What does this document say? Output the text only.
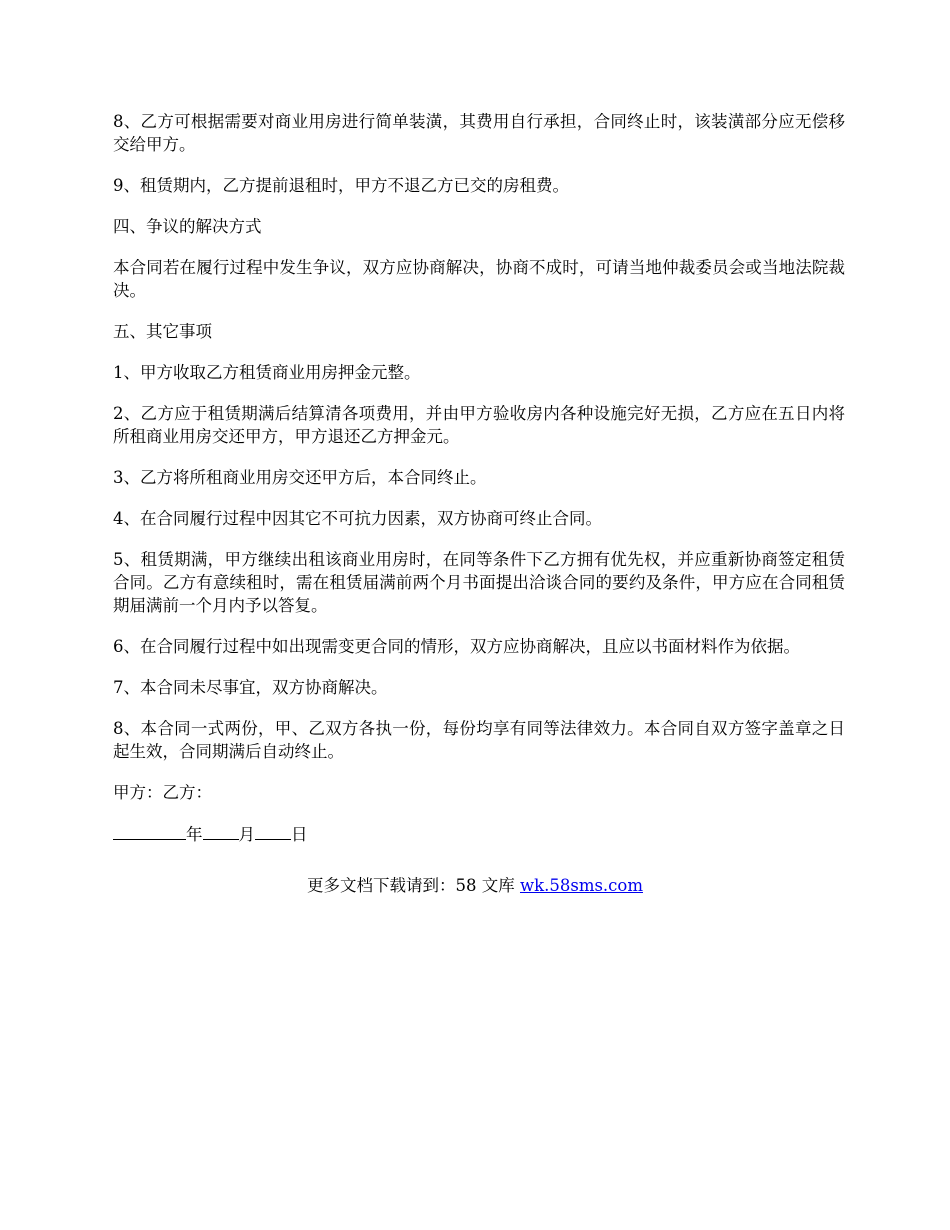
8、乙方可根据需要对商业用房进行简单装潢，其费用自行承担，合同终止时，该装潢部分应无偿移交给甲方。

9、租赁期内，乙方提前退租时，甲方不退乙方已交的房租费。

四、争议的解决方式

本合同若在履行过程中发生争议，双方应协商解决，协商不成时，可请当地仲裁委员会或当地法院裁决。

五、其它事项

1、甲方收取乙方租赁商业用房押金元整。

2、乙方应于租赁期满后结算清各项费用，并由甲方验收房内各种设施完好无损，乙方应在五日内将所租商业用房交还甲方，甲方退还乙方押金元。

3、乙方将所租商业用房交还甲方后，本合同终止。

4、在合同履行过程中因其它不可抗力因素，双方协商可终止合同。

5、租赁期满，甲方继续出租该商业用房时，在同等条件下乙方拥有优先权，并应重新协商签定租赁合同。乙方有意续租时，需在租赁届满前两个月书面提出洽谈合同的要约及条件，甲方应在合同租赁期届满前一个月内予以答复。

6、在合同履行过程中如出现需变更合同的情形，双方应协商解决，且应以书面材料作为依据。

7、本合同未尽事宜，双方协商解决。

8、本合同一式两份，甲、乙双方各执一份，每份均享有同等法律效力。本合同自双方签字盖章之日起生效，合同期满后自动终止。

甲方：乙方：

年 月 日

更多文档下载请到：58 文库 wk.58sms.com
